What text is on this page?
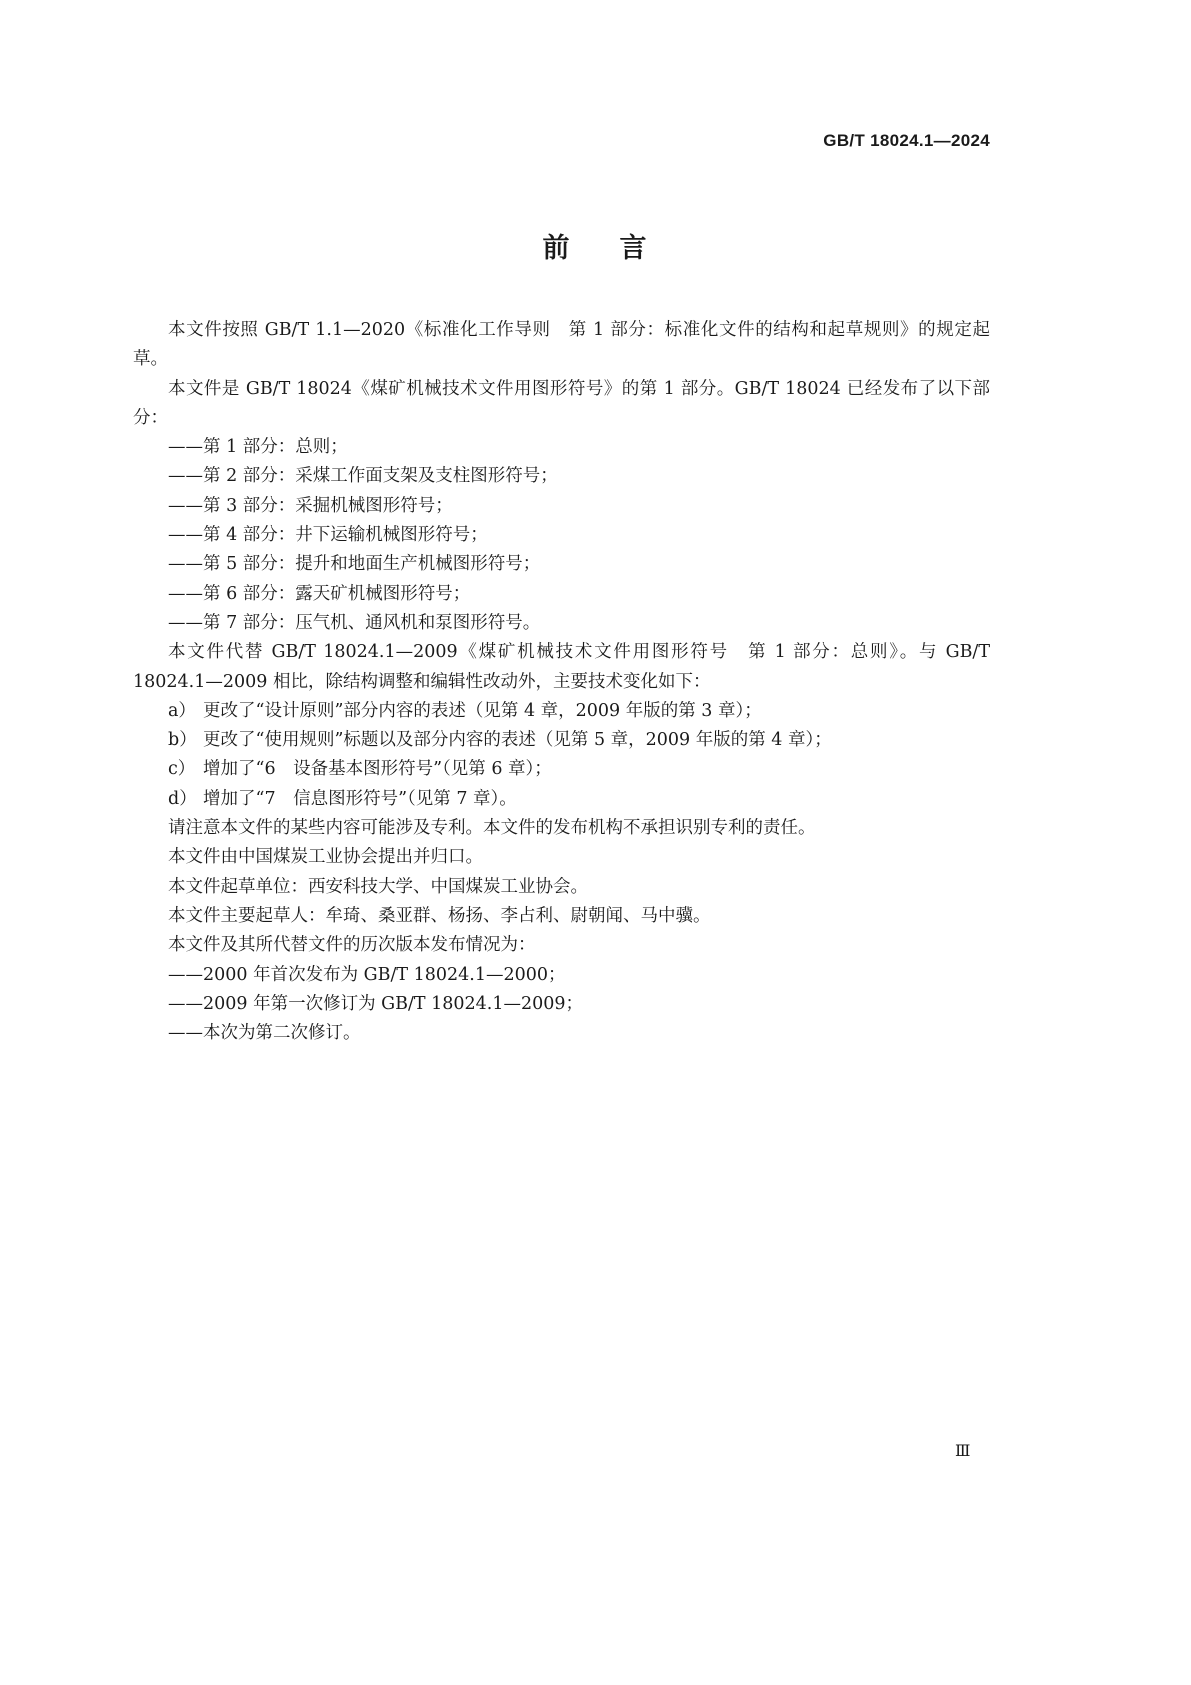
GB/T 18024.1—2024
前 言

本文件按照 GB/T 1.1—2020《标准化工作导则　第 1 部分：标准化文件的结构和起草规则》的规定起草。

本文件是 GB/T 18024《煤矿机械技术文件用图形符号》的第 1 部分。GB/T 18024 已经发布了以下部分：

——第 1 部分：总则；

——第 2 部分：采煤工作面支架及支柱图形符号；

——第 3 部分：采掘机械图形符号；

——第 4 部分：井下运输机械图形符号；

——第 5 部分：提升和地面生产机械图形符号；

——第 6 部分：露天矿机械图形符号；

——第 7 部分：压气机、通风机和泵图形符号。

本文件代替 GB/T 18024.1—2009《煤矿机械技术文件用图形符号　第 1 部分：总则》。与 GB/T 18024.1—2009 相比，除结构调整和编辑性改动外，主要技术变化如下：

a） 更改了“设计原则”部分内容的表述（见第 4 章，2009 年版的第 3 章）；

b） 更改了“使用规则”标题以及部分内容的表述（见第 5 章，2009 年版的第 4 章）；

c） 增加了“6　设备基本图形符号”（见第 6 章）；

d） 增加了“7　信息图形符号”（见第 7 章）。

请注意本文件的某些内容可能涉及专利。本文件的发布机构不承担识别专利的责任。

本文件由中国煤炭工业协会提出并归口。

本文件起草单位：西安科技大学、中国煤炭工业协会。

本文件主要起草人：牟琦、桑亚群、杨扬、李占利、尉朝闻、马中骥。

本文件及其所代替文件的历次版本发布情况为：

——2000 年首次发布为 GB/T 18024.1—2000；

——2009 年第一次修订为 GB/T 18024.1—2009；

——本次为第二次修订。

Ⅲ
